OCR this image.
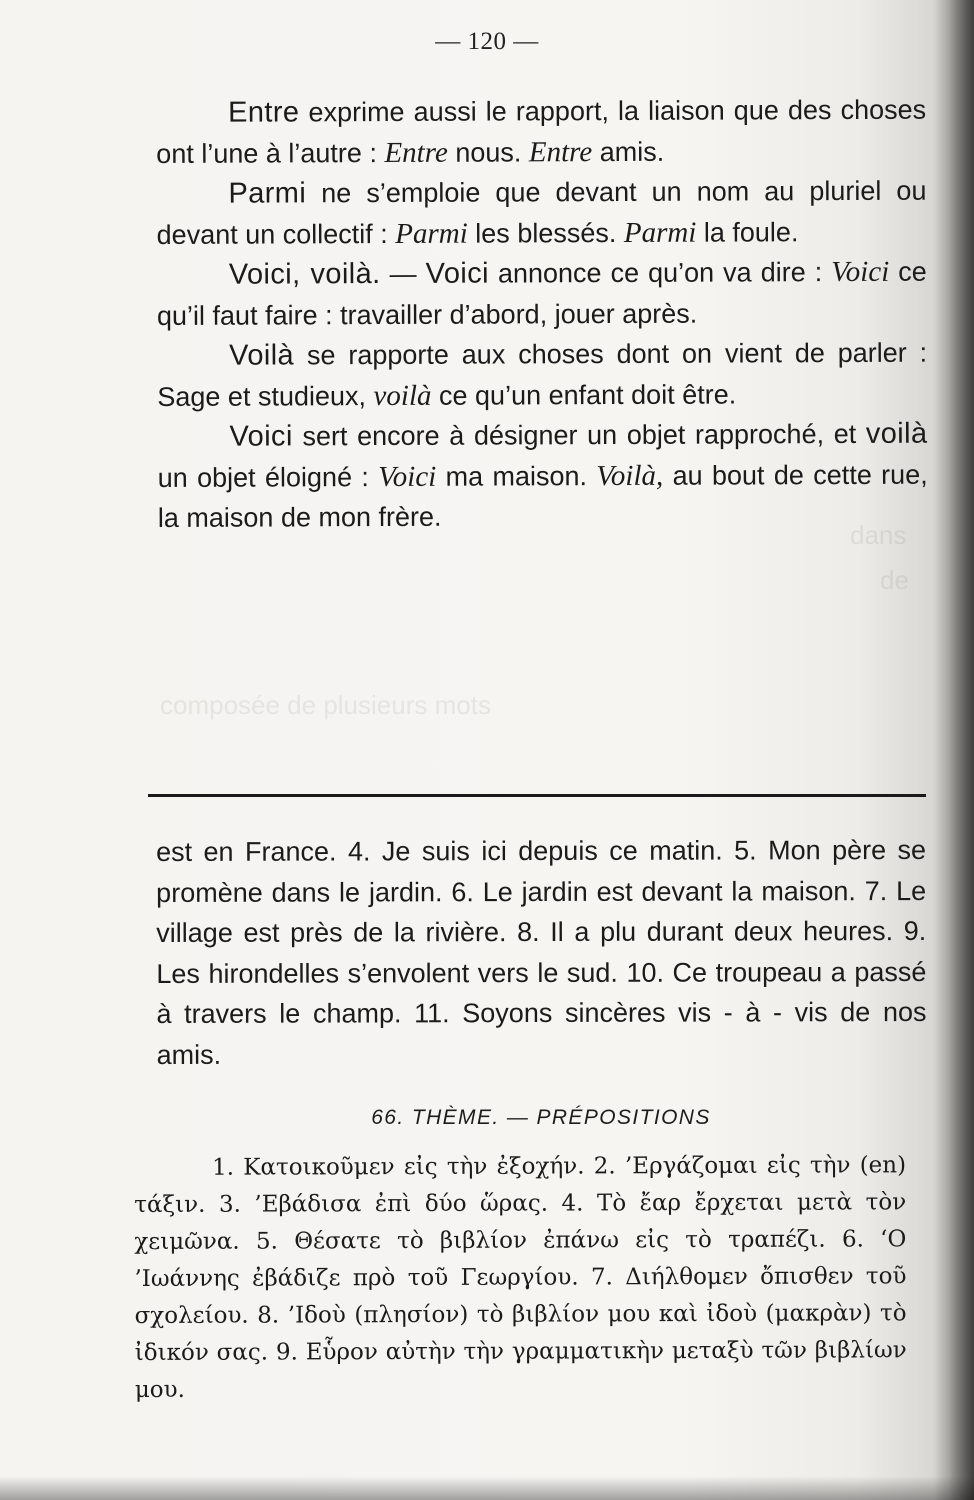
dans
de
composée de plusieurs mots
— 120 —

Entre exprime aussi le rapport, la liaison que des choses ont l’une à l’autre : Entre nous. Entre amis.

Parmi ne s’emploie que devant un nom au pluriel ou devant un collectif : Parmi les blessés. Parmi la foule.

Voici, voilà. — Voici annonce ce qu’on va dire : Voici ce qu’il faut faire : travailler d’abord, jouer après.

Voilà se rapporte aux choses dont on vient de parler : Sage et studieux, voilà ce qu’un enfant doit être.

Voici sert encore à désigner un objet rapproché, et voilà un objet éloigné : Voici ma maison. Voilà, au bout de cette rue, la maison de mon frère.

est en France. 4. Je suis ici depuis ce matin. 5. Mon père se promène dans le jardin. 6. Le jardin est devant la maison. 7. Le village est près de la rivière. 8. Il a plu durant deux heures. 9. Les hirondelles s’envolent vers le sud. 10. Ce troupeau a passé à travers le champ. 11. Soyons sincères vis - à - vis de nos amis.

66. THÈME. — PRÉPOSITIONS

1. Κατοικοῦμεν εἰς τὴν ἐξοχήν. 2. ’Εργάζομαι εἰς τὴν (en) τάξιν. 3. ’Εβάδισα ἐπὶ δύο ὥρας. 4. Τὸ ἔαρ ἔρχεται μετὰ τὸν χειμῶνα. 5. Θέσατε τὸ βιβλίον ἐπάνω εἰς τὸ τραπέζι. 6. ‘Ο ’Ιωάννης ἐβάδιζε πρὸ τοῦ Γεωργίου. 7. Διήλθομεν ὄπισθεν τοῦ σχολείου. 8. ’Ιδοὺ (πλησίον) τὸ βιβλίον μου καὶ ἰδοὺ (μακρὰν) τὸ ἰδικόν σας. 9. Εὗρον αὐτὴν τὴν γραμματικὴν μεταξὺ τῶν βιβλίων μου.
